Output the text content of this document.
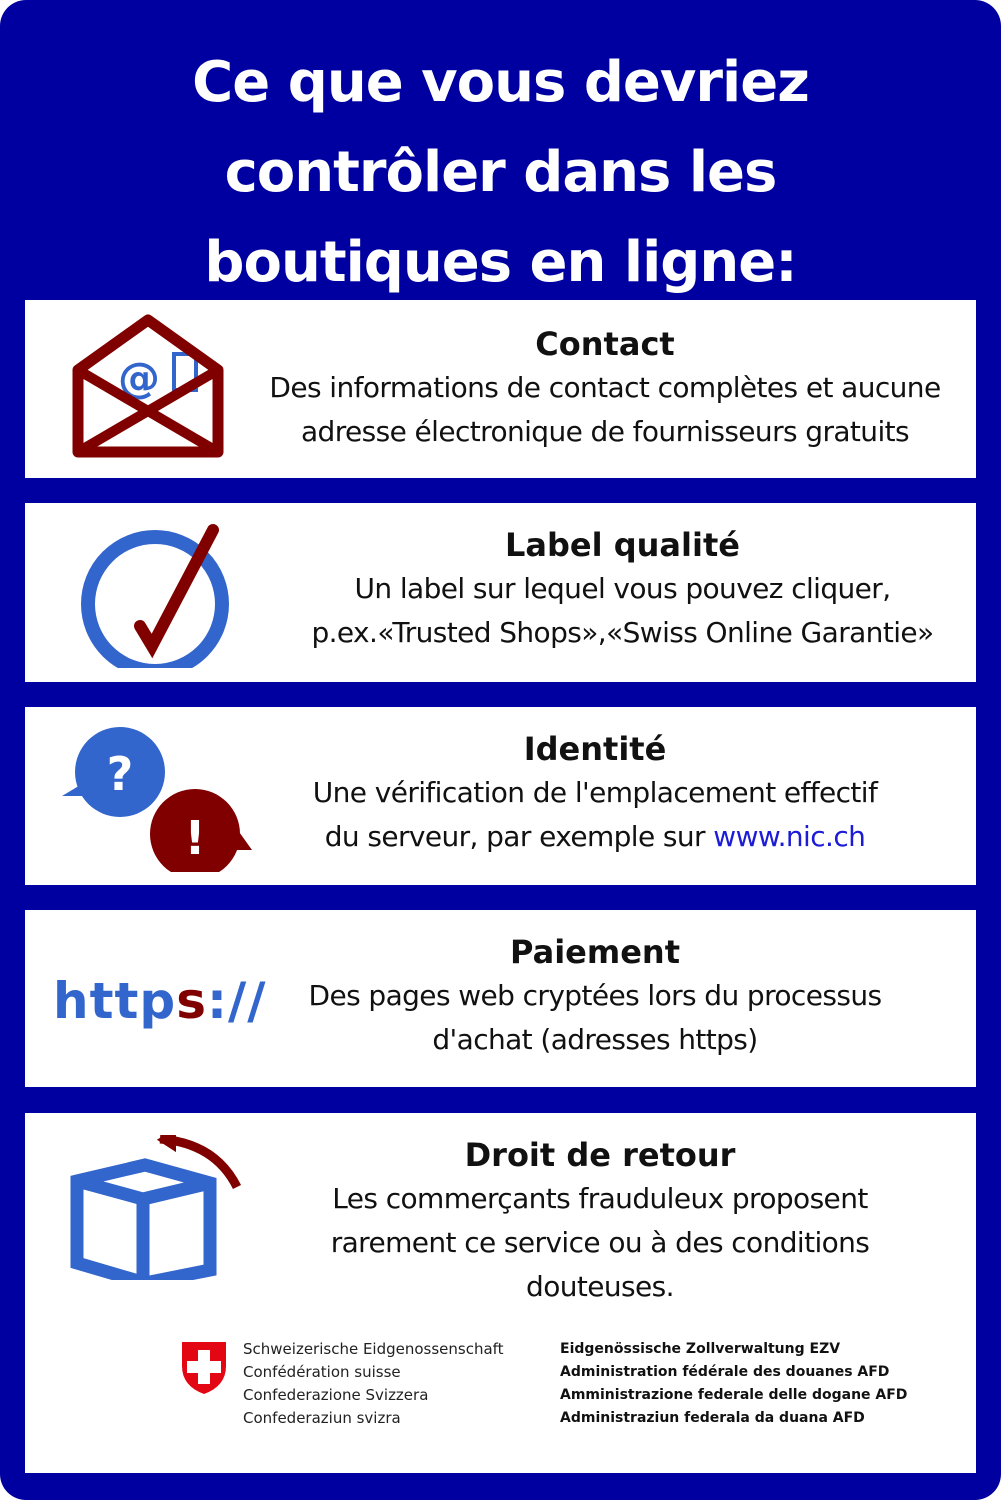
Ce que vous devriez
contrôler dans les
boutiques en ligne:
@
Contact
Des informations de contact complètes et aucune
adresse électronique de fournisseurs gratuits
Label qualité
Un label sur lequel vous pouvez cliquer,
p.ex.«Trusted Shops»,«Swiss Online Garantie»
?
!
Identité
Une vérification de l'emplacement effectif
du serveur, par exemple sur www.nic.ch
https://
Paiement
Des pages web cryptées lors du processus
d'achat (adresses https)
Droit de retour
Les commerçants frauduleux proposent
rarement ce service ou à des conditions
douteuses.
Schweizerische Eidgenossenschaft
Confédération suisse
Confederazione Svizzera
Confederaziun svizra
Eidgenössische Zollverwaltung EZV
Administration fédérale des douanes AFD
Amministrazione federale delle dogane AFD
Administraziun federala da duana AFD
